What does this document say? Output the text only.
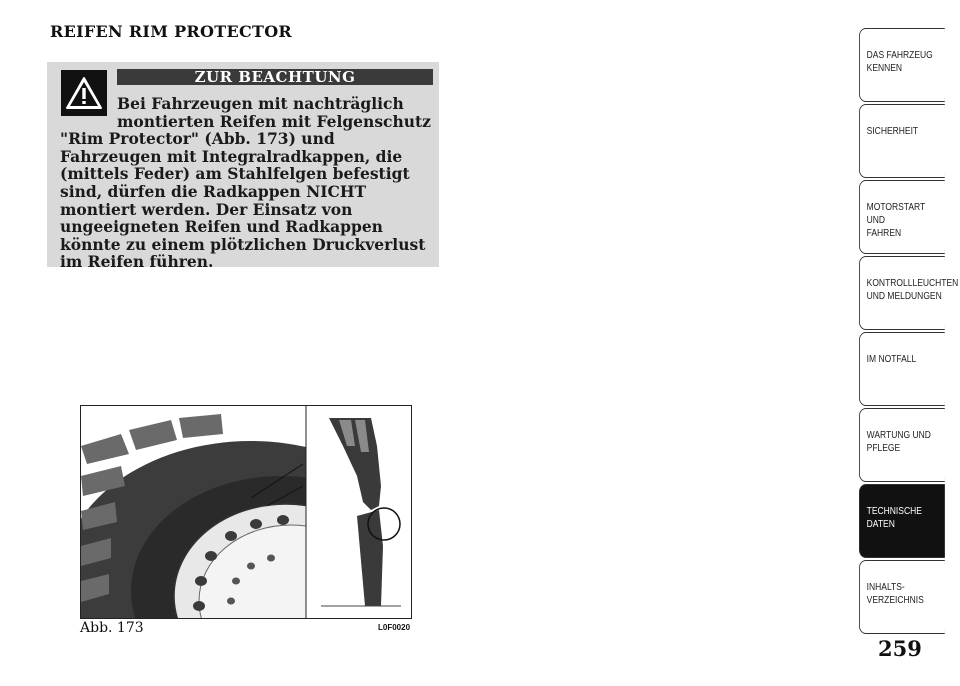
REIFEN RIM PROTECTOR
ZUR BEACHTUNG
Bei Fahrzeugen mit nachträglich
montierten Reifen mit Felgenschutz
"Rim Protector" (Abb. 173) und Fahrzeugen mit Integralradkappen, die (mittels Feder) am Stahlfelgen befestigt sind, dürfen die Radkappen NICHT montiert werden. Der Einsatz von ungeeigneten Reifen und Radkappen könnte zu einem plötzlichen Druckverlust im Reifen führen.
Abb. 173	L0F0020
DAS FAHRZEUG
KENNEN
SICHERHEIT
MOTORSTART UND
FAHREN
KONTROLLLEUCHTEN
UND MELDUNGEN
IM NOTFALL
WARTUNG UND
PFLEGE
TECHNISCHE
DATEN
INHALTS-
VERZEICHNIS
259
